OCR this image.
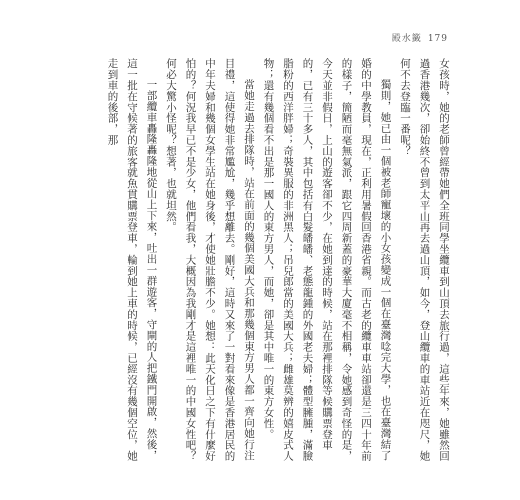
殿水籤 179

女孩時，她的老師曾經帶她們全班同學坐纜車到山頂去旅行過，這些年來，她雖然回過香港幾次，卻始終不曾到太平山再去過山頂，如今，登山纜車的車站近在咫尺，她何不去登臨一番呢？

獨則，她已由一個被老師寵壞的小女孩變成一個在臺灣唸完大學，也在臺灣結了婚的中學教員，現在，正利用暑假回香港省親。而古老的纜車車站卻還是三四十年前的樣子，簡陋而毫無氣派，跟它四周新蓋的豪華大廈毫不相稱，令她感到奇怪的是，今天並非假日，上山的遊客卻不少，在她到達的時候，站在那裡排隊等候購票登車的，已有三十多人，其中包括有白髮皤皤、老態龍鍾的外國老夫婦；體型臃腫，滿臉脂粉的西洋胖婦；奇裝異服的非洲黑人；吊兒郎當的美國大兵；雌雄莫辨的嬉皮式人物；還有幾個看不出是那一國人的東方男人，而她，卻是其中唯一的東方女性。

當她走過去排隊時，站在前面的幾個美國大兵和那幾個東方男人都一齊向她行注目禮，這使得她非常尷尬，幾乎想離去。剛好，這時又來了一對看來像是香港居民的中年夫婦和幾個女學生站在她身後，才使她壯膽不少。她想：此天化日之下有什麼好怕的？何況我早已不是少女，他們看我，大概因為我剛才是這裡唯一的中國女性吧？何必大驚小怪呢？想著，也就坦然。

一部纜車轟隆轟隆地從山上下來，吐出一群遊客，守閘的人把鐵門開啟，然後，這一批在守候著的旅客就魚貫購票登車，輪到她上車的時候，已經沒有幾個空位，她走到車的後部，那
